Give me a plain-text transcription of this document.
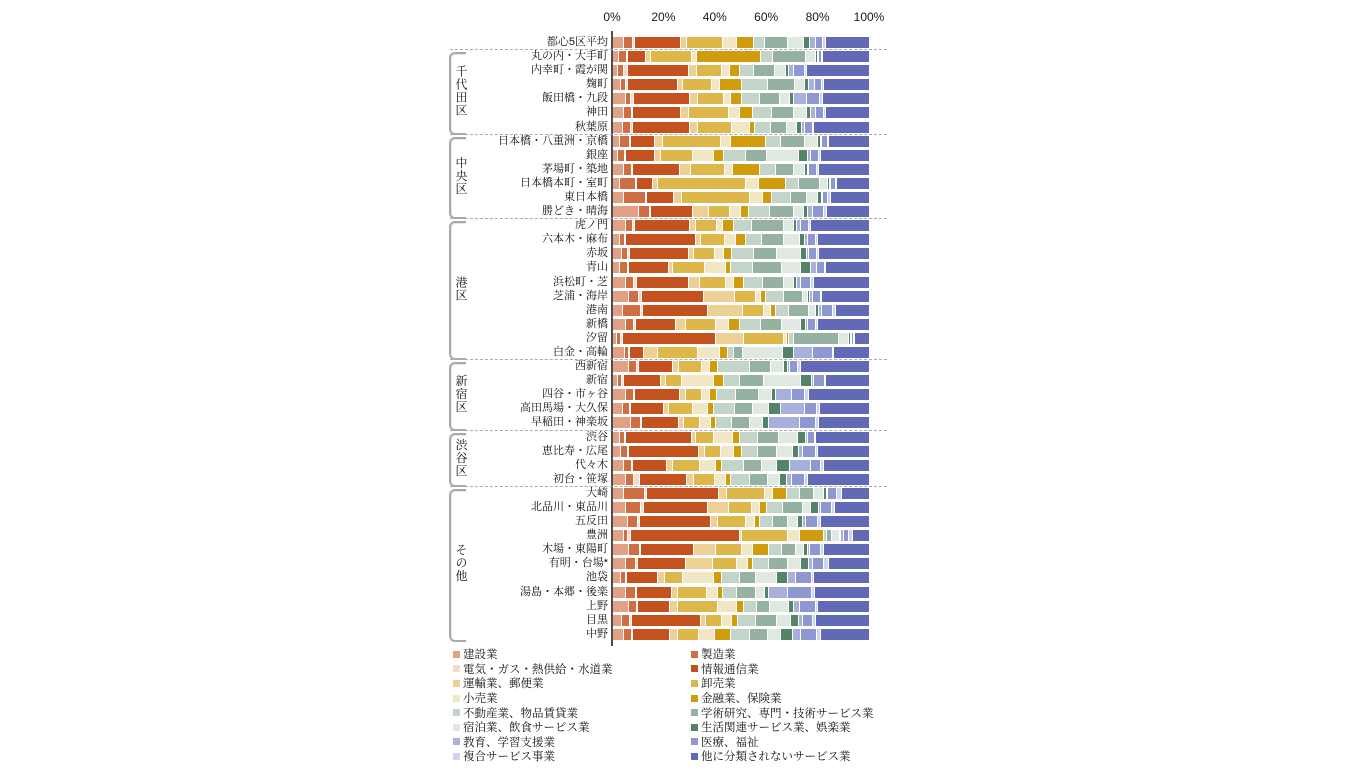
0%	20% 40% 60% 80% 100%
都心5区平均
丸の内・大手町
内幸町・霞が関
麹町
飯田橋・九段
神田
秋葉原
千代田区
日本橋・八重洲・京橋
銀座
茅場町・築地
日本橋本町・室町
東日本橋
勝どき・晴海
中央区
虎ノ門
六本木・麻布
赤坂
青山
浜松町・芝
芝浦・海岸
港南
新橋
汐留
白金・高輪
港区
西新宿
新宿
四谷・市ヶ谷
高田馬場・大久保
早稲田・神楽坂
新宿区
渋谷
恵比寿・広尾
代々木
初台・笹塚
渋谷区
大崎
北品川・東品川
五反田
豊洲
木場・東陽町
有明・台場*
池袋
湯島・本郷・後楽
上野
目黒
中野
その他
建設業	製造業
電気・ガス・熱供給・水道業	情報通信業
運輸業、郵便業	卸売業
小売業	金融業、保険業
不動産業、物品賃貸業	学術研究、専門・技術サービス業
宿泊業、飲食サービス業	生活関連サービス業、娯楽業
教育、学習支援業	医療、福祉
複合サービス事業	他に分類されないサービス業
